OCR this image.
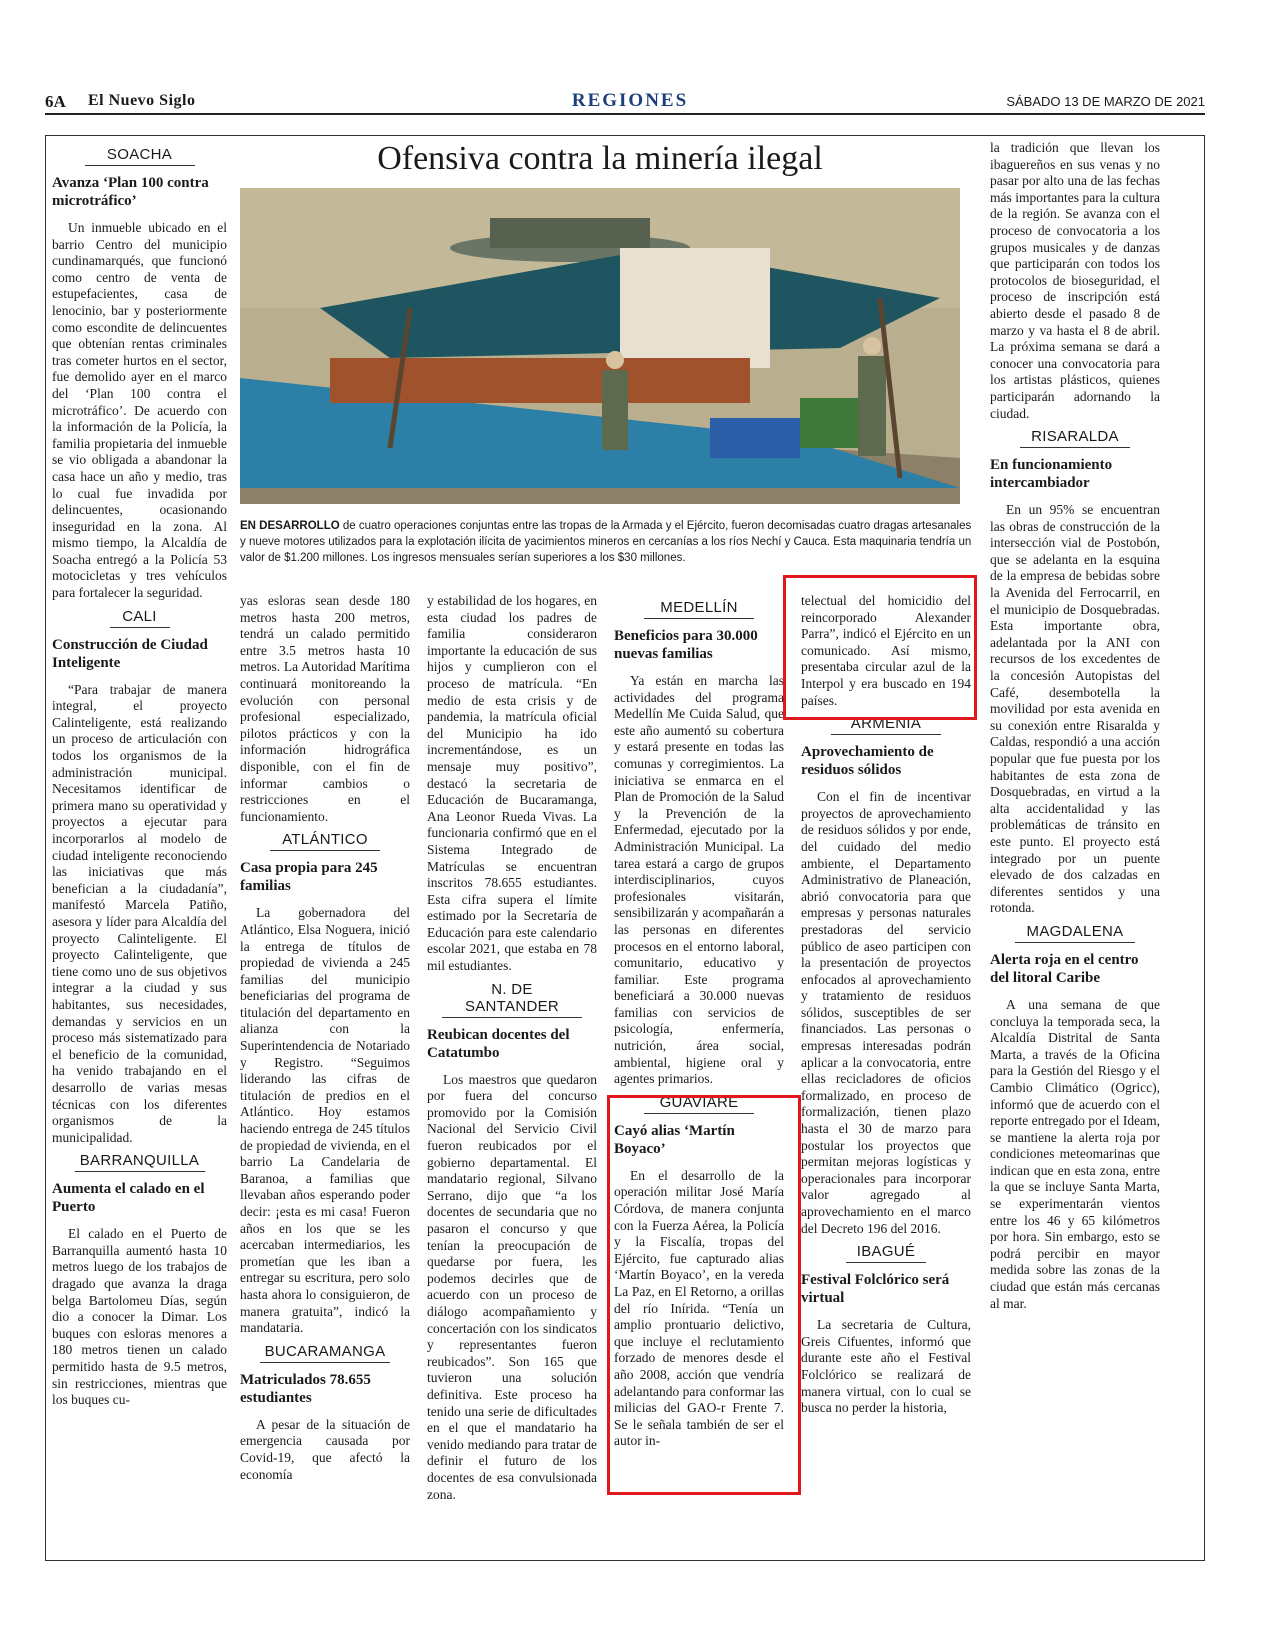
6A El Nuevo Siglo	REGIONES	SÁBADO 13 DE MARZO DE 2021
Ofensiva contra la minería ilegal
EN DESARROLLO de cuatro operaciones conjuntas entre las tropas de la Armada y el Ejército, fueron decomisadas cuatro dragas artesanales y nueve motores utilizados para la explotación ilícita de yacimientos mineros en cercanías a los ríos Nechí y Cauca. Esta maquinaria tendría un valor de $1.200 millones. Los ingresos mensuales serían superiores a los $30 millones.
SOACHA
Avanza ‘Plan 100 contra microtráfico’

Un inmueble ubicado en el barrio Centro del municipio cundinamarqués, que funcionó como centro de venta de estupefacientes, casa de lenocinio, bar y posteriormente como escondite de delincuentes que obtenían rentas criminales tras cometer hurtos en el sector, fue demolido ayer en el marco del ‘Plan 100 contra el microtráfico’. De acuerdo con la información de la Policía, la familia propietaria del inmueble se vio obligada a abandonar la casa hace un año y medio, tras lo cual fue invadida por delincuentes, ocasionando inseguridad en la zona. Al mismo tiempo, la Alcaldía de Soacha entregó a la Policía 53 motocicletas y tres vehículos para fortalecer la seguridad.

CALI
Construcción de Ciudad Inteligente

“Para trabajar de manera integral, el proyecto Calinteligente, está realizando un proceso de articulación con todos los organismos de la administración municipal. Necesitamos identificar de primera mano su operatividad y proyectos a ejecutar para incorporarlos al modelo de ciudad inteligente reconociendo las iniciativas que más benefician a la ciudadanía”, manifestó Marcela Patiño, asesora y líder para Alcaldía del proyecto Calinteligente. El proyecto Calinteligente, que tiene como uno de sus objetivos integrar a la ciudad y sus habitantes, sus necesidades, demandas y servicios en un proceso más sistematizado para el beneficio de la comunidad, ha venido trabajando en el desarrollo de varias mesas técnicas con los diferentes organismos de la municipalidad.

BARRANQUILLA
Aumenta el calado en el Puerto

El calado en el Puerto de Barranquilla aumentó hasta 10 metros luego de los trabajos de dragado que avanza la draga belga Bartolomeu Días, según dio a conocer la Dimar. Los buques con esloras menores a 180 metros tienen un calado permitido hasta de 9.5 metros, sin restricciones, mientras que los buques cu-

yas esloras sean desde 180 metros hasta 200 metros, tendrá un calado permitido entre 3.5 metros hasta 10 metros. La Autoridad Marítima continuará monitoreando la evolución con personal profesional especializado, pilotos prácticos y con la información hidrográfica disponible, con el fin de informar cambios o restricciones en el funcionamiento.

ATLÁNTICO
Casa propia para 245 familias

La gobernadora del Atlántico, Elsa Noguera, inició la entrega de títulos de propiedad de vivienda a 245 familias del municipio beneficiarias del programa de titulación del departamento en alianza con la Superintendencia de Notariado y Registro. “Seguimos liderando las cifras de titulación de predios en el Atlántico. Hoy estamos haciendo entrega de 245 títulos de propiedad de vivienda, en el barrio La Candelaria de Baranoa, a familias que llevaban años esperando poder decir: ¡esta es mi casa! Fueron años en los que se les acercaban intermediarios, les prometían que les iban a entregar su escritura, pero solo hasta ahora lo consiguieron, de manera gratuita”, indicó la mandataria.

BUCARAMANGA
Matriculados 78.655 estudiantes

A pesar de la situación de emergencia causada por Covid-19, que afectó la economía

y estabilidad de los hogares, en esta ciudad los padres de familia consideraron importante la educación de sus hijos y cumplieron con el proceso de matrícula. “En medio de esta crisis y de pandemia, la matrícula oficial del Municipio ha ido incrementándose, es un mensaje muy positivo”, destacó la secretaria de Educación de Bucaramanga, Ana Leonor Rueda Vivas. La funcionaria confirmó que en el Sistema Integrado de Matrículas se encuentran inscritos 78.655 estudiantes. Esta cifra supera el límite estimado por la Secretaría de Educación para este calendario escolar 2021, que estaba en 78 mil estudiantes.

N. DE SANTANDER
Reubican docentes del Catatumbo

Los maestros que quedaron por fuera del concurso promovido por la Comisión Nacional del Servicio Civil fueron reubicados por el gobierno departamental. El mandatario regional, Silvano Serrano, dijo que “a los docentes de secundaria que no pasaron el concurso y que tenían la preocupación de quedarse por fuera, les podemos decirles que de acuerdo con un proceso de diálogo acompañamiento y concertación con los sindicatos y representantes fueron reubicados”. Son 165 que tuvieron una solución definitiva. Este proceso ha tenido una serie de dificultades en el que el mandatario ha venido mediando para tratar de definir el futuro de los docentes de esa convulsionada zona.

MEDELLÍN
Beneficios para 30.000 nuevas familias

Ya están en marcha las actividades del programa Medellín Me Cuida Salud, que este año aumentó su cobertura y estará presente en todas las comunas y corregimientos. La iniciativa se enmarca en el Plan de Promoción de la Salud y la Prevención de la Enfermedad, ejecutado por la Administración Municipal. La tarea estará a cargo de grupos interdisciplinarios, cuyos profesionales visitarán, sensibilizarán y acompañarán a las personas en diferentes procesos en el entorno laboral, comunitario, educativo y familiar. Este programa beneficiará a 30.000 nuevas familias con servicios de psicología, enfermería, nutrición, área social, ambiental, higiene oral y agentes primarios.

GUAVIARE
Cayó alias ‘Martín Boyaco’

En el desarrollo de la operación militar José María Córdova, de manera conjunta con la Fuerza Aérea, la Policía y la Fiscalía, tropas del Ejército, fue capturado alias ‘Martín Boyaco’, en la vereda La Paz, en El Retorno, a orillas del río Inírida. “Tenía un amplio prontuario delictivo, que incluye el reclutamiento forzado de menores desde el año 2008, acción que vendría adelantando para conformar las milicias del GAO-r Frente 7. Se le señala también de ser el autor in-

telectual del homicidio del reincorporado Alexander Parra”, indicó el Ejército en un comunicado. Así mismo, presentaba circular azul de la Interpol y era buscado en 194 países.

ARMENIA
Aprovechamiento de residuos sólidos

Con el fin de incentivar proyectos de aprovechamiento de residuos sólidos y por ende, del cuidado del medio ambiente, el Departamento Administrativo de Planeación, abrió convocatoria para que empresas y personas naturales prestadoras del servicio público de aseo participen con la presentación de proyectos enfocados al aprovechamiento y tratamiento de residuos sólidos, susceptibles de ser financiados. Las personas o empresas interesadas podrán aplicar a la convocatoria, entre ellas recicladores de oficios formalizado, en proceso de formalización, tienen plazo hasta el 30 de marzo para postular los proyectos que permitan mejoras logísticas y operacionales para incorporar valor agregado al aprovechamiento en el marco del Decreto 196 del 2016.

IBAGUÉ
Festival Folclórico será virtual

La secretaria de Cultura, Greis Cifuentes, informó que durante este año el Festival Folclórico se realizará de manera virtual, con lo cual se busca no perder la historia,

la tradición que llevan los ibaguereños en sus venas y no pasar por alto una de las fechas más importantes para la cultura de la región. Se avanza con el proceso de convocatoria a los grupos musicales y de danzas que participarán con todos los protocolos de bioseguridad, el proceso de inscripción está abierto desde el pasado 8 de marzo y va hasta el 8 de abril. La próxima semana se dará a conocer una convocatoria para los artistas plásticos, quienes participarán adornando la ciudad.

RISARALDA
En funcionamiento intercambiador

En un 95% se encuentran las obras de construcción de la intersección vial de Postobón, que se adelanta en la esquina de la empresa de bebidas sobre la Avenida del Ferrocarril, en el municipio de Dosquebradas. Esta importante obra, adelantada por la ANI con recursos de los excedentes de la concesión Autopistas del Café, desembotella la movilidad por esta avenida en su conexión entre Risaralda y Caldas, respondió a una acción popular que fue puesta por los habitantes de esta zona de Dosquebradas, en virtud a la alta accidentalidad y las problemáticas de tránsito en este punto. El proyecto está integrado por un puente elevado de dos calzadas en diferentes sentidos y una rotonda.

MAGDALENA
Alerta roja en el centro del litoral Caribe

A una semana de que concluya la temporada seca, la Alcaldía Distrital de Santa Marta, a través de la Oficina para la Gestión del Riesgo y el Cambio Climático (Ogricc), informó que de acuerdo con el reporte entregado por el Ideam, se mantiene la alerta roja por condiciones meteomarinas que indican que en esta zona, entre la que se incluye Santa Marta, se experimentarán vientos entre los 46 y 65 kilómetros por hora. Sin embargo, esto se podrá percibir en mayor medida sobre las zonas de la ciudad que están más cercanas al mar.
